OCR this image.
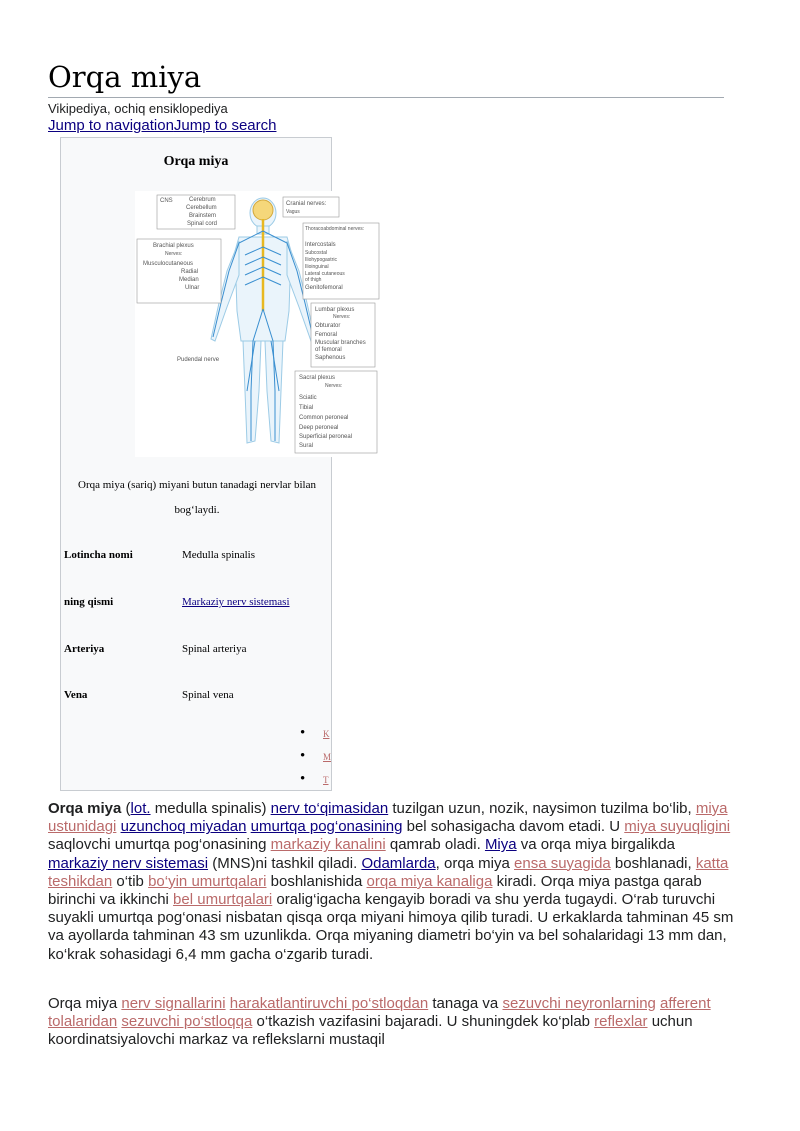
Orqa miya
Vikipediya, ochiq ensiklopediya
Jump to navigationJump to search
Orqa miya
CNS	Cerebrum
Cerebellum
Brainstem
Spinal cord
Cranial nerves:
Vagus
Thoracoabdominal nerves:
Intercostals
Subcostal
Iliohypogastric
Ilioinguinal
Lateral cutaneous
of thigh
Genitofemoral
Brachial plexus
Nerves:
Musculocutaneous
Radial
Median
Ulnar
Lumbar plexus
Nerves:
Obturator
Femoral
Muscular branches
of femoral
Saphenous
Pudendal nerve
Sacral plexus
Nerves:
Sciatic
Tibial
Common peroneal
Deep peroneal
Superficial peroneal
Sural
Orqa miya (sariq) miyani butun tanadagi nervlar bilan bog‘laydi.
Lotincha nomi	Medulla spinalis
ning qismi	Markaziy nerv sistemasi
Arteriya	Spinal arteriya
Vena	Spinal vena
• K
• M
• T

Orqa miya (lot. medulla spinalis) nerv to‘qimasidan tuzilgan uzun, nozik, naysimon tuzilma bo‘lib, miya ustunidagi uzunchoq miyadan umurtqa pog‘onasining bel sohasigacha davom etadi. U miya suyuqligini saqlovchi umurtqa pog‘onasining markaziy kanalini qamrab oladi. Miya va orqa miya birgalikda markaziy nerv sistemasi (MNS)ni tashkil qiladi. Odamlarda, orqa miya ensa suyagida boshlanadi, katta teshikdan o‘tib bo‘yin umurtqalari boshlanishida orqa miya kanaliga kiradi. Orqa miya pastga qarab birinchi va ikkinchi bel umurtqalari oralig‘igacha kengayib boradi va shu yerda tugaydi. O‘rab turuvchi suyakli umurtqa pog‘onasi nisbatan qisqa orqa miyani himoya qilib turadi. U erkaklarda tahminan 45 sm va ayollarda tahminan 43 sm uzunlikda. Orqa miyaning diametri bo‘yin va bel sohalaridagi 13 mm dan, ko‘krak sohasidagi 6,4 mm gacha o‘zgarib turadi.

Orqa miya nerv signallarini harakatlantiruvchi po‘stloqdan tanaga va sezuvchi neyronlarning afferent tolalaridan sezuvchi po‘stloqqa o‘tkazish vazifasini bajaradi. U shuningdek ko‘plab reflexlar uchun koordinatsiyalovchi markaz va reflekslarni mustaqil
